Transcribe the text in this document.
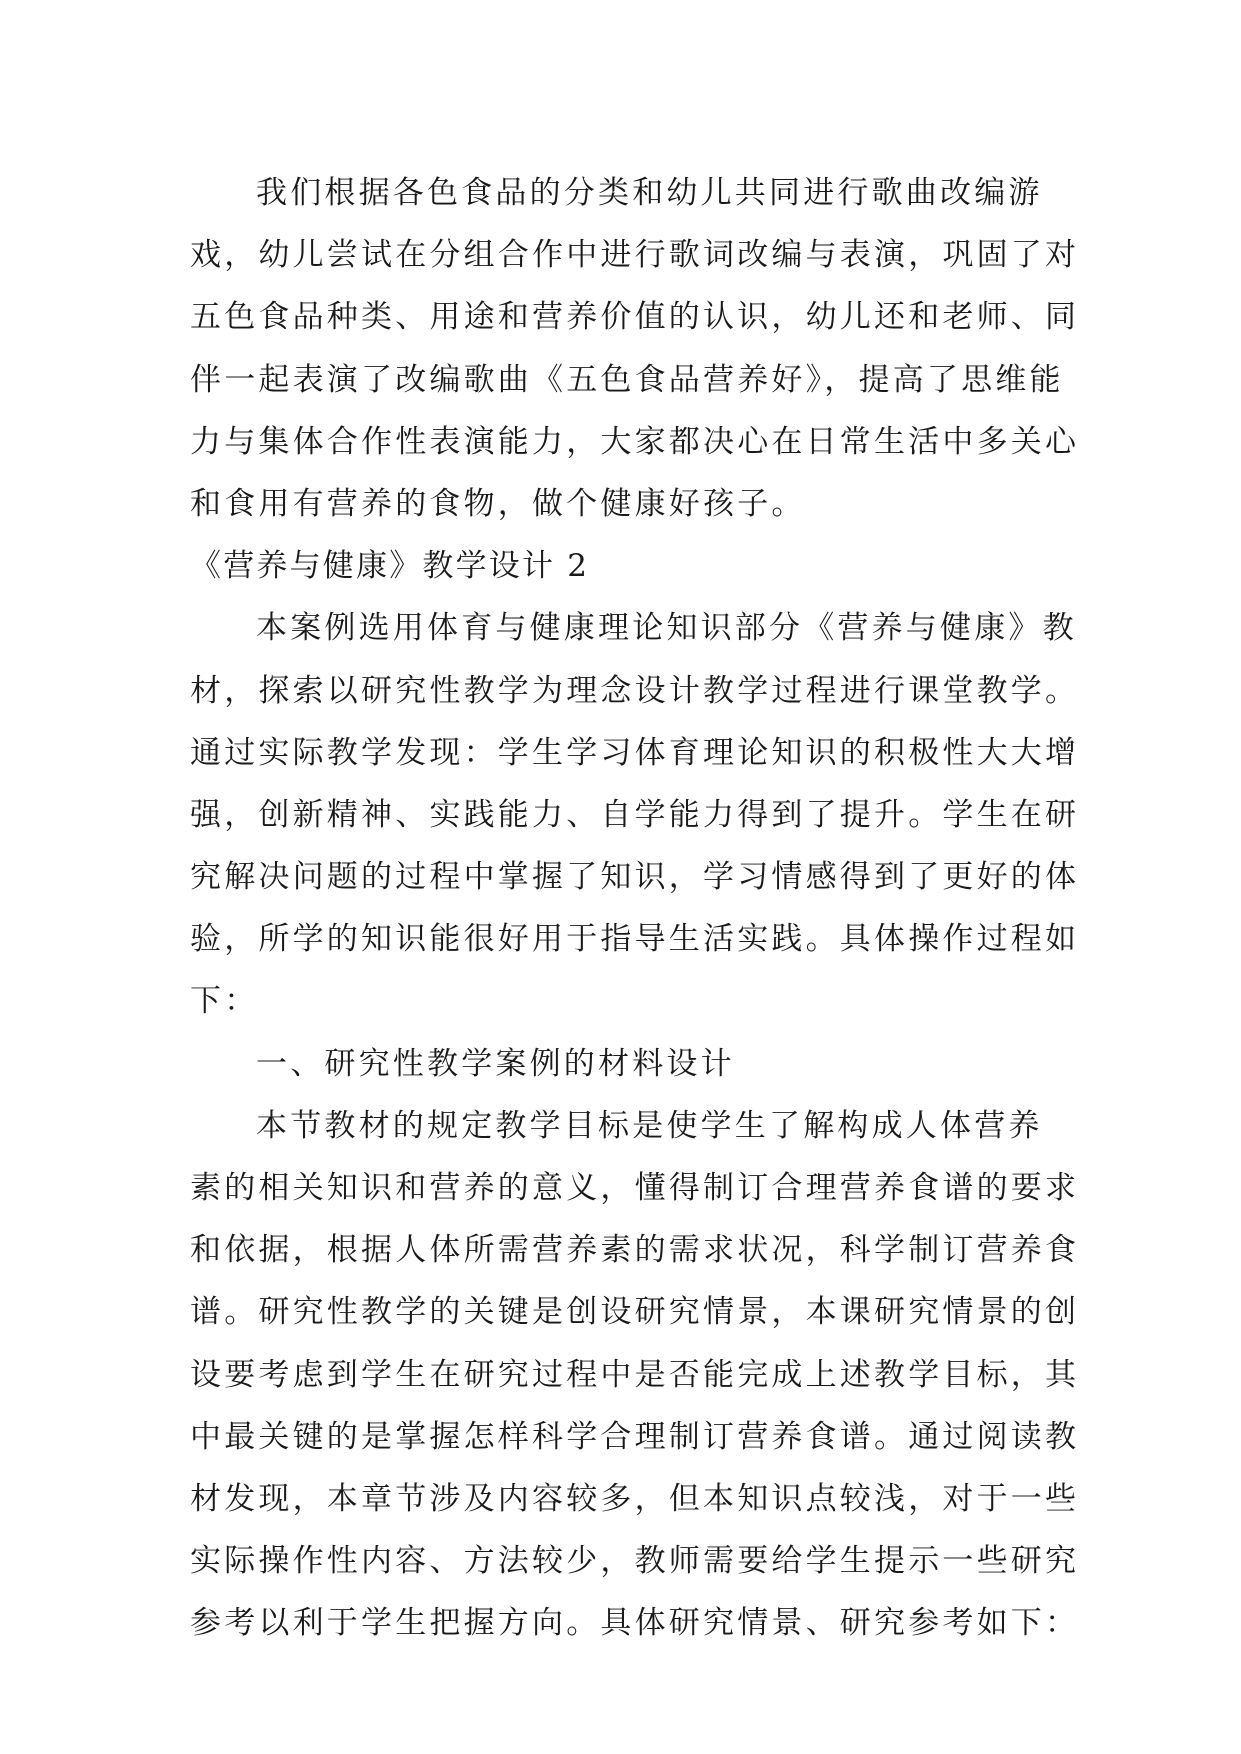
我们根据各色食品的分类和幼儿共同进行歌曲改编游
戏，幼儿尝试在分组合作中进行歌词改编与表演，巩固了对
五色食品种类、用途和营养价值的认识，幼儿还和老师、同
伴一起表演了改编歌曲《五色食品营养好》，提高了思维能
力与集体合作性表演能力，大家都决心在日常生活中多关心
和食用有营养的食物，做个健康好孩子。
《营养与健康》教学设计 2
本案例选用体育与健康理论知识部分《营养与健康》教
材，探索以研究性教学为理念设计教学过程进行课堂教学。
通过实际教学发现：学生学习体育理论知识的积极性大大增
强，创新精神、实践能力、自学能力得到了提升。学生在研
究解决问题的过程中掌握了知识，学习情感得到了更好的体
验，所学的知识能很好用于指导生活实践。具体操作过程如
下：
一、研究性教学案例的材料设计
本节教材的规定教学目标是使学生了解构成人体营养
素的相关知识和营养的意义，懂得制订合理营养食谱的要求
和依据，根据人体所需营养素的需求状况，科学制订营养食
谱。研究性教学的关键是创设研究情景，本课研究情景的创
设要考虑到学生在研究过程中是否能完成上述教学目标，其
中最关键的是掌握怎样科学合理制订营养食谱。通过阅读教
材发现，本章节涉及内容较多，但本知识点较浅，对于一些
实际操作性内容、方法较少，教师需要给学生提示一些研究
参考以利于学生把握方向。具体研究情景、研究参考如下：
